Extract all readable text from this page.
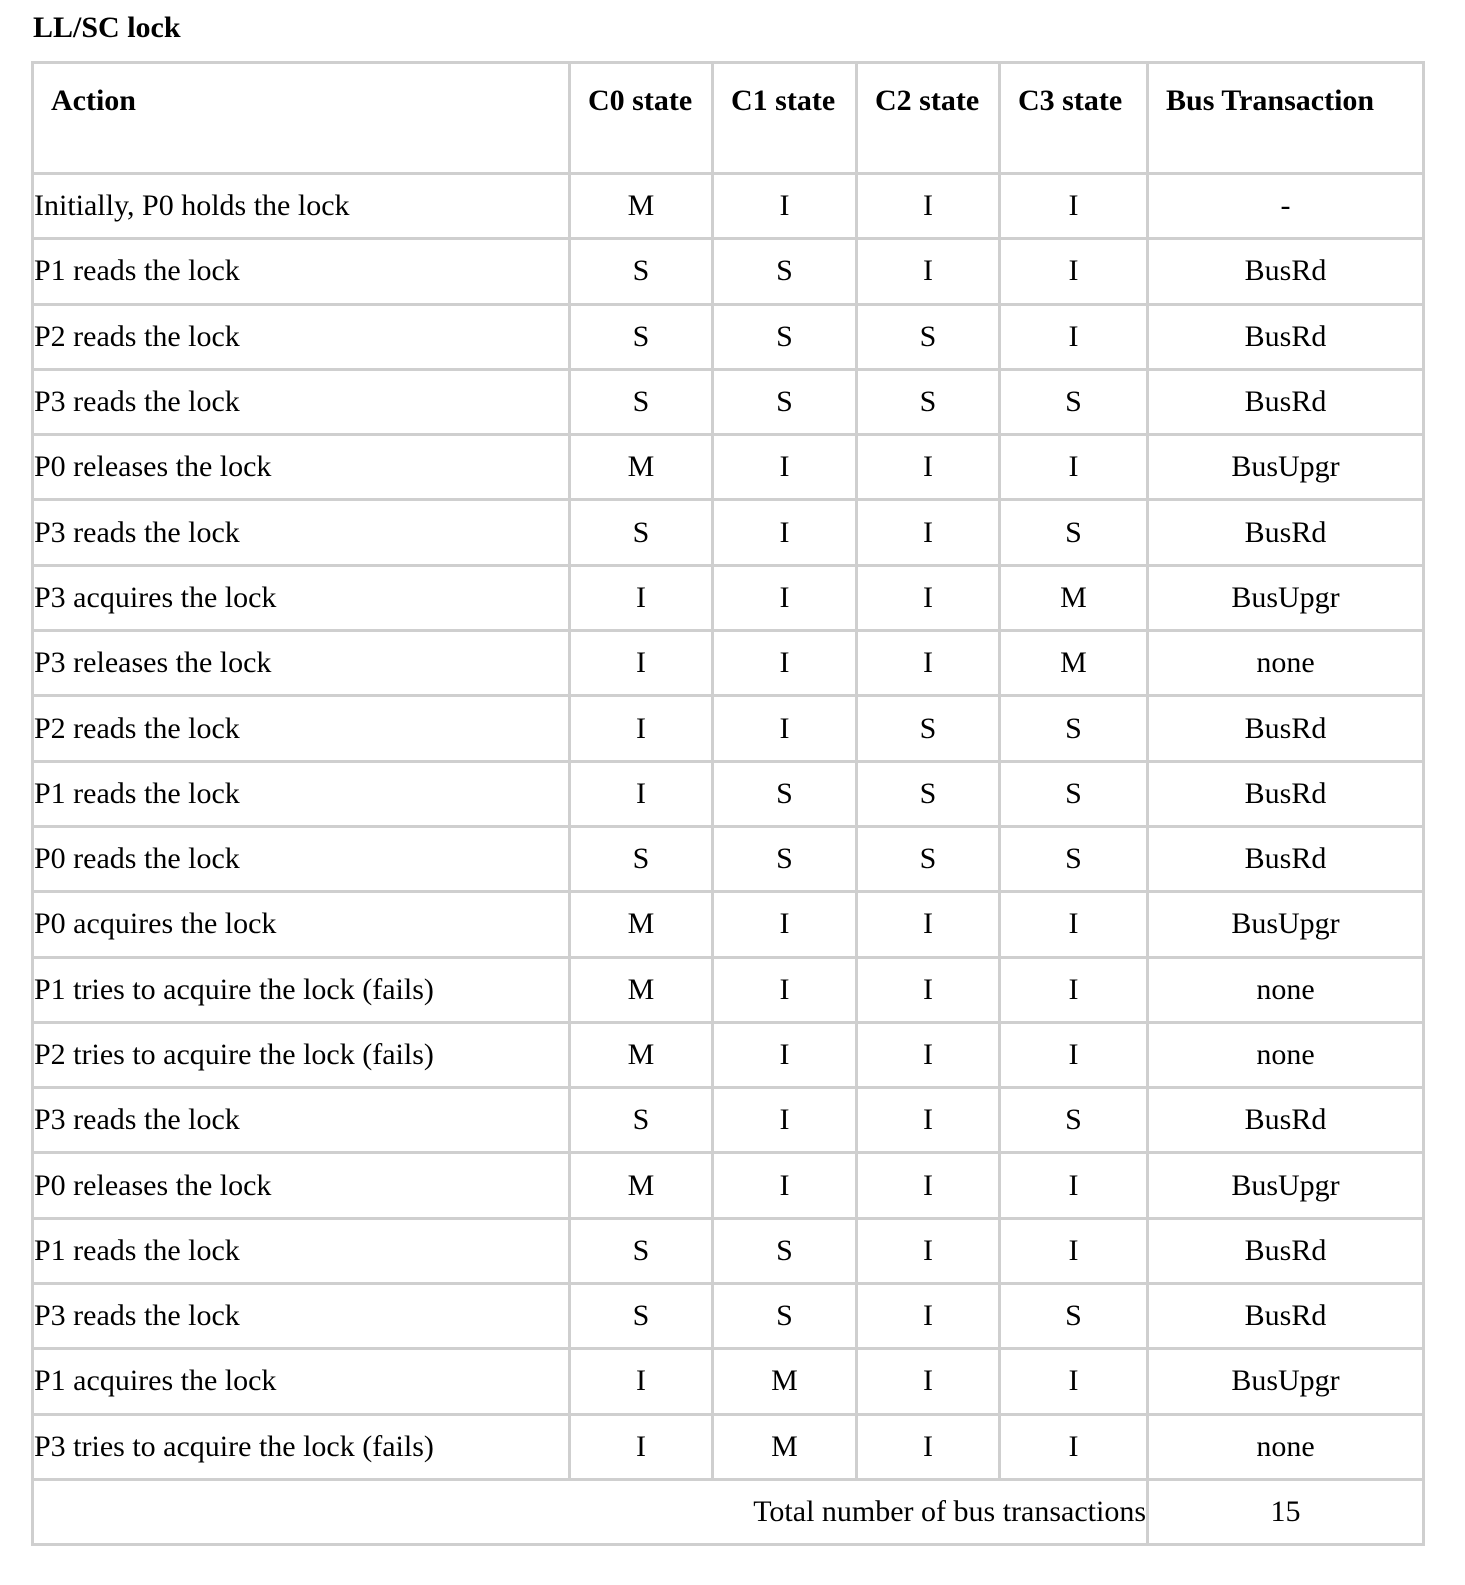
LL/SC lock
Action	C0 state	C1 state	C2 state	C3 state	Bus Transaction
Initially, P0 holds the lock	M	I	I	I	-
P1 reads the lock	S	S	I	I	BusRd
P2 reads the lock	S	S	S	I	BusRd
P3 reads the lock	S	S	S	S	BusRd
P0 releases the lock	M	I	I	I	BusUpgr
P3 reads the lock	S	I	I	S	BusRd
P3 acquires the lock	I	I	I	M	BusUpgr
P3 releases the lock	I	I	I	M	none
P2 reads the lock	I	I	S	S	BusRd
P1 reads the lock	I	S	S	S	BusRd
P0 reads the lock	S	S	S	S	BusRd
P0 acquires the lock	M	I	I	I	BusUpgr
P1 tries to acquire the lock (fails)	M	I	I	I	none
P2 tries to acquire the lock (fails)	M	I	I	I	none
P3 reads the lock	S	I	I	S	BusRd
P0 releases the lock	M	I	I	I	BusUpgr
P1 reads the lock	S	S	I	I	BusRd
P3 reads the lock	S	S	I	S	BusRd
P1 acquires the lock	I	M	I	I	BusUpgr
P3 tries to acquire the lock (fails)	I	M	I	I	none
Total number of bus transactions					15
